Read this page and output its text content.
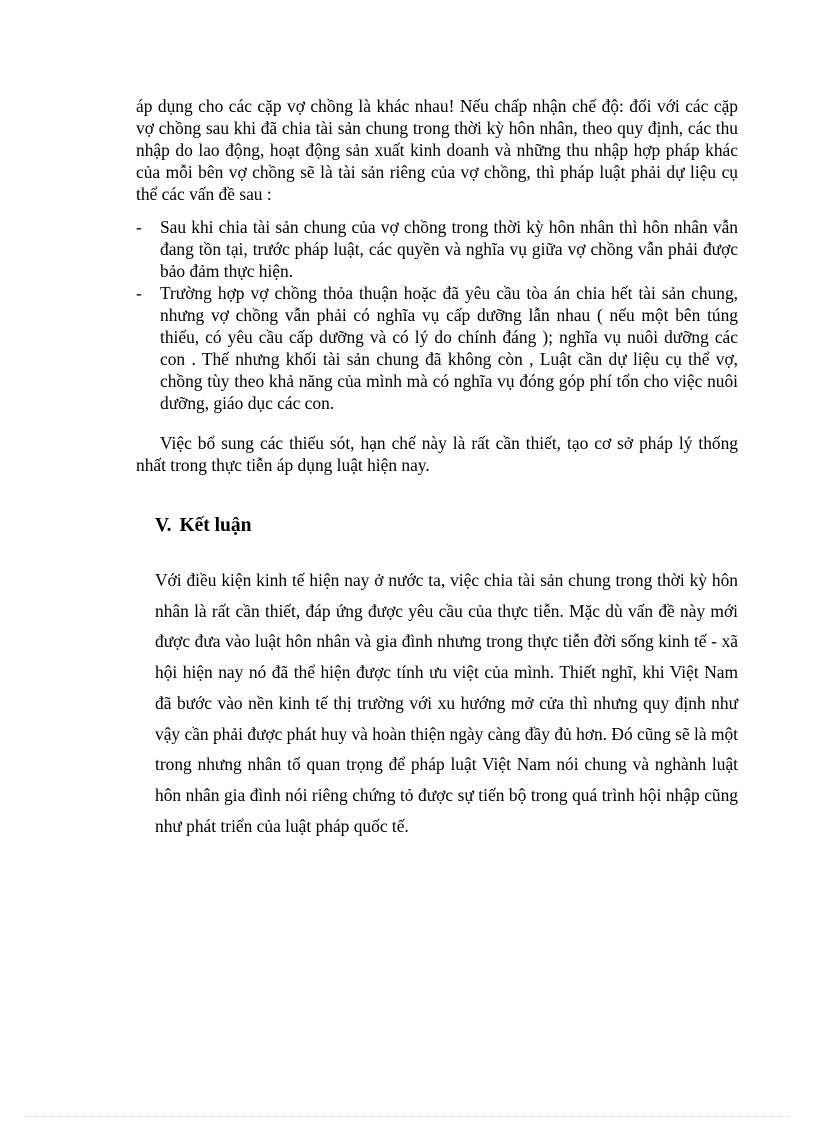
áp dụng cho các cặp vợ chồng là khác nhau! Nếu chấp nhận chế độ: đối với các cặp vợ chồng sau khi đã chia tài sản chung trong thời kỳ hôn nhân, theo quy định, các thu nhập do lao động, hoạt động sản xuất kinh doanh và những thu nhập hợp pháp khác của mỗi bên vợ chồng sẽ là tài sản riêng của vợ chồng, thì pháp luật phải dự liệu cụ thể các vấn đề sau :

- Sau khi chia tài sản chung của vợ chồng trong thời kỳ hôn nhân thì hôn nhân vẫn đang tồn tại, trước pháp luật, các quyền và nghĩa vụ giữa vợ chồng vẫn phải được bảo đảm thực hiện.
- Trường hợp vợ chồng thỏa thuận hoặc đã yêu cầu tòa án chia hết tài sản chung, nhưng vợ chồng vẫn phải có nghĩa vụ cấp dưỡng lẫn nhau ( nếu một bên túng thiếu, có yêu cầu cấp dưỡng và có lý do chính đáng ); nghĩa vụ nuôi dưỡng các con . Thế nhưng khối tài sản chung đã không còn , Luật cần dự liệu cụ thể vợ, chồng tùy theo khả năng của mình mà có nghĩa vụ đóng góp phí tổn cho việc nuôi dưỡng, giáo dục các con.

Việc bổ sung các thiếu sót, hạn chế này là rất cần thiết, tạo cơ sở pháp lý thống nhất trong thực tiễn áp dụng luật hiện nay.

V. Kết luận

Với điều kiện kinh tế hiện nay ở nước ta, việc chia tài sản chung trong thời kỳ hôn nhân là rất cần thiết, đáp ứng được yêu cầu của thực tiễn. Mặc dù vấn đề này mới được đưa vào luật hôn nhân và gia đình nhưng trong thực tiễn đời sống kinh tế - xã hội hiện nay nó đã thể hiện được tính ưu việt của mình. Thiết nghĩ, khi Việt Nam đã bước vào nền kinh tế thị trường với xu hướng mở cửa thì nhưng quy định như vậy cần phải được phát huy và hoàn thiện ngày càng đầy đủ hơn. Đó cũng sẽ là một trong nhưng nhân tố quan trọng để pháp luật Việt Nam nói chung và nghành luật hôn nhân gia đình nói riêng chứng tỏ được sự tiến bộ trong quá trình hội nhập cũng như phát triển của luật pháp quốc tế.
